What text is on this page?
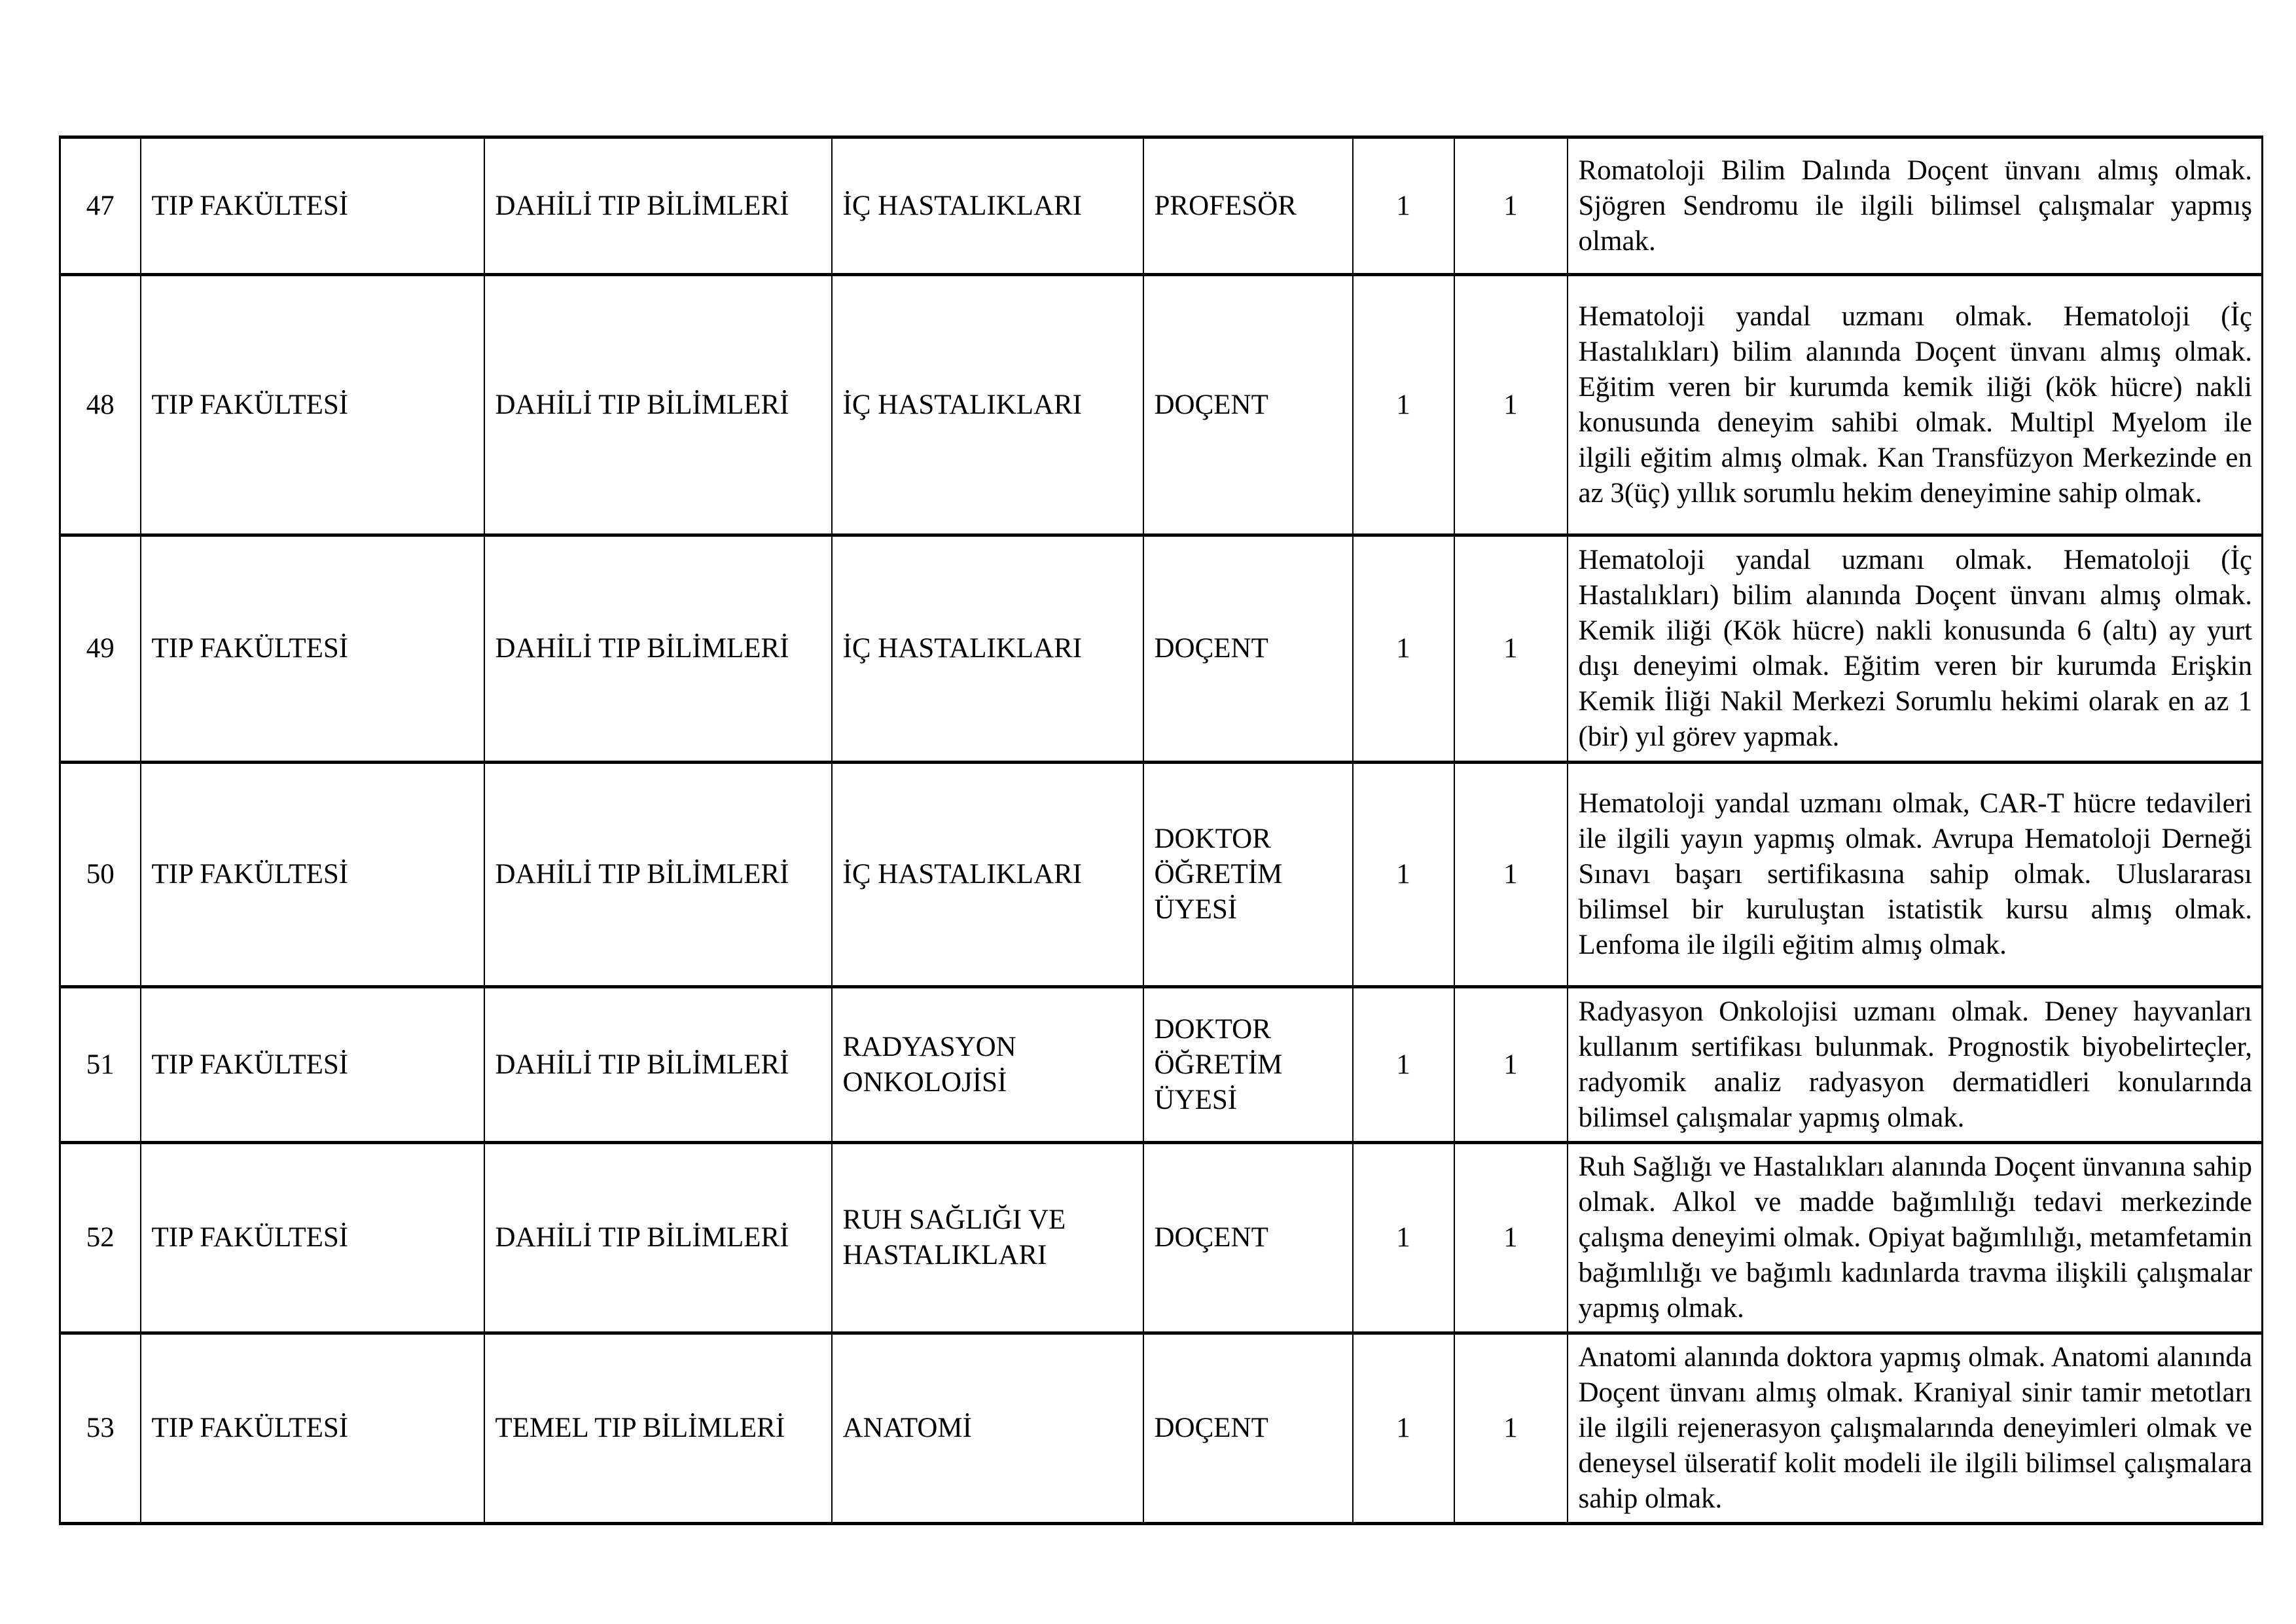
47	TIP FAKÜLTESİ	DAHİLİ TIP BİLİMLERİ	İÇ HASTALIKLARI	PROFESÖR	1	1	Romatoloji Bilim Dalında Doçent ünvanı almış olmak. Sjögren Sendromu ile ilgili bilimsel çalışmalar yapmış olmak.
48	TIP FAKÜLTESİ	DAHİLİ TIP BİLİMLERİ	İÇ HASTALIKLARI	DOÇENT	1	1	Hematoloji yandal uzmanı olmak. Hematoloji (İç Hastalıkları) bilim alanında Doçent ünvanı almış olmak. Eğitim veren bir kurumda kemik iliği (kök hücre) nakli konusunda deneyim sahibi olmak. Multipl Myelom ile ilgili eğitim almış olmak. Kan Transfüzyon Merkezinde en az 3(üç) yıllık sorumlu hekim deneyimine sahip olmak.
49	TIP FAKÜLTESİ	DAHİLİ TIP BİLİMLERİ	İÇ HASTALIKLARI	DOÇENT	1	1	Hematoloji yandal uzmanı olmak. Hematoloji (İç Hastalıkları) bilim alanında Doçent ünvanı almış olmak. Kemik iliği (Kök hücre) nakli konusunda 6 (altı) ay yurt dışı deneyimi olmak. Eğitim veren bir kurumda Erişkin Kemik İliği Nakil Merkezi Sorumlu hekimi olarak en az 1 (bir) yıl görev yapmak.
50	TIP FAKÜLTESİ	DAHİLİ TIP BİLİMLERİ	İÇ HASTALIKLARI	DOKTOR ÖĞRETİM ÜYESİ	1	1	Hematoloji yandal uzmanı olmak, CAR-T hücre tedavileri ile ilgili yayın yapmış olmak. Avrupa Hematoloji Derneği Sınavı başarı sertifikasına sahip olmak. Uluslararası bilimsel bir kuruluştan istatistik kursu almış olmak. Lenfoma ile ilgili eğitim almış olmak.
51	TIP FAKÜLTESİ	DAHİLİ TIP BİLİMLERİ	RADYASYON ONKOLOJİSİ	DOKTOR ÖĞRETİM ÜYESİ	1	1	Radyasyon Onkolojisi uzmanı olmak. Deney hayvanları kullanım sertifikası bulunmak. Prognostik biyobelirteçler, radyomik analiz radyasyon dermatidleri konularında bilimsel çalışmalar yapmış olmak.
52	TIP FAKÜLTESİ	DAHİLİ TIP BİLİMLERİ	RUH SAĞLIĞI VE HASTALIKLARI	DOÇENT	1	1	Ruh Sağlığı ve Hastalıkları alanında Doçent ünvanına sahip olmak. Alkol ve madde bağımlılığı tedavi merkezinde çalışma deneyimi olmak. Opiyat bağımlılığı, metamfetamin bağımlılığı ve bağımlı kadınlarda travma ilişkili çalışmalar yapmış olmak.
53	TIP FAKÜLTESİ	TEMEL TIP BİLİMLERİ	ANATOMİ	DOÇENT	1	1	Anatomi alanında doktora yapmış olmak. Anatomi alanında Doçent ünvanı almış olmak. Kraniyal sinir tamir metotları ile ilgili rejenerasyon çalışmalarında deneyimleri olmak ve deneysel ülseratif kolit modeli ile ilgili bilimsel çalışmalara sahip olmak.
